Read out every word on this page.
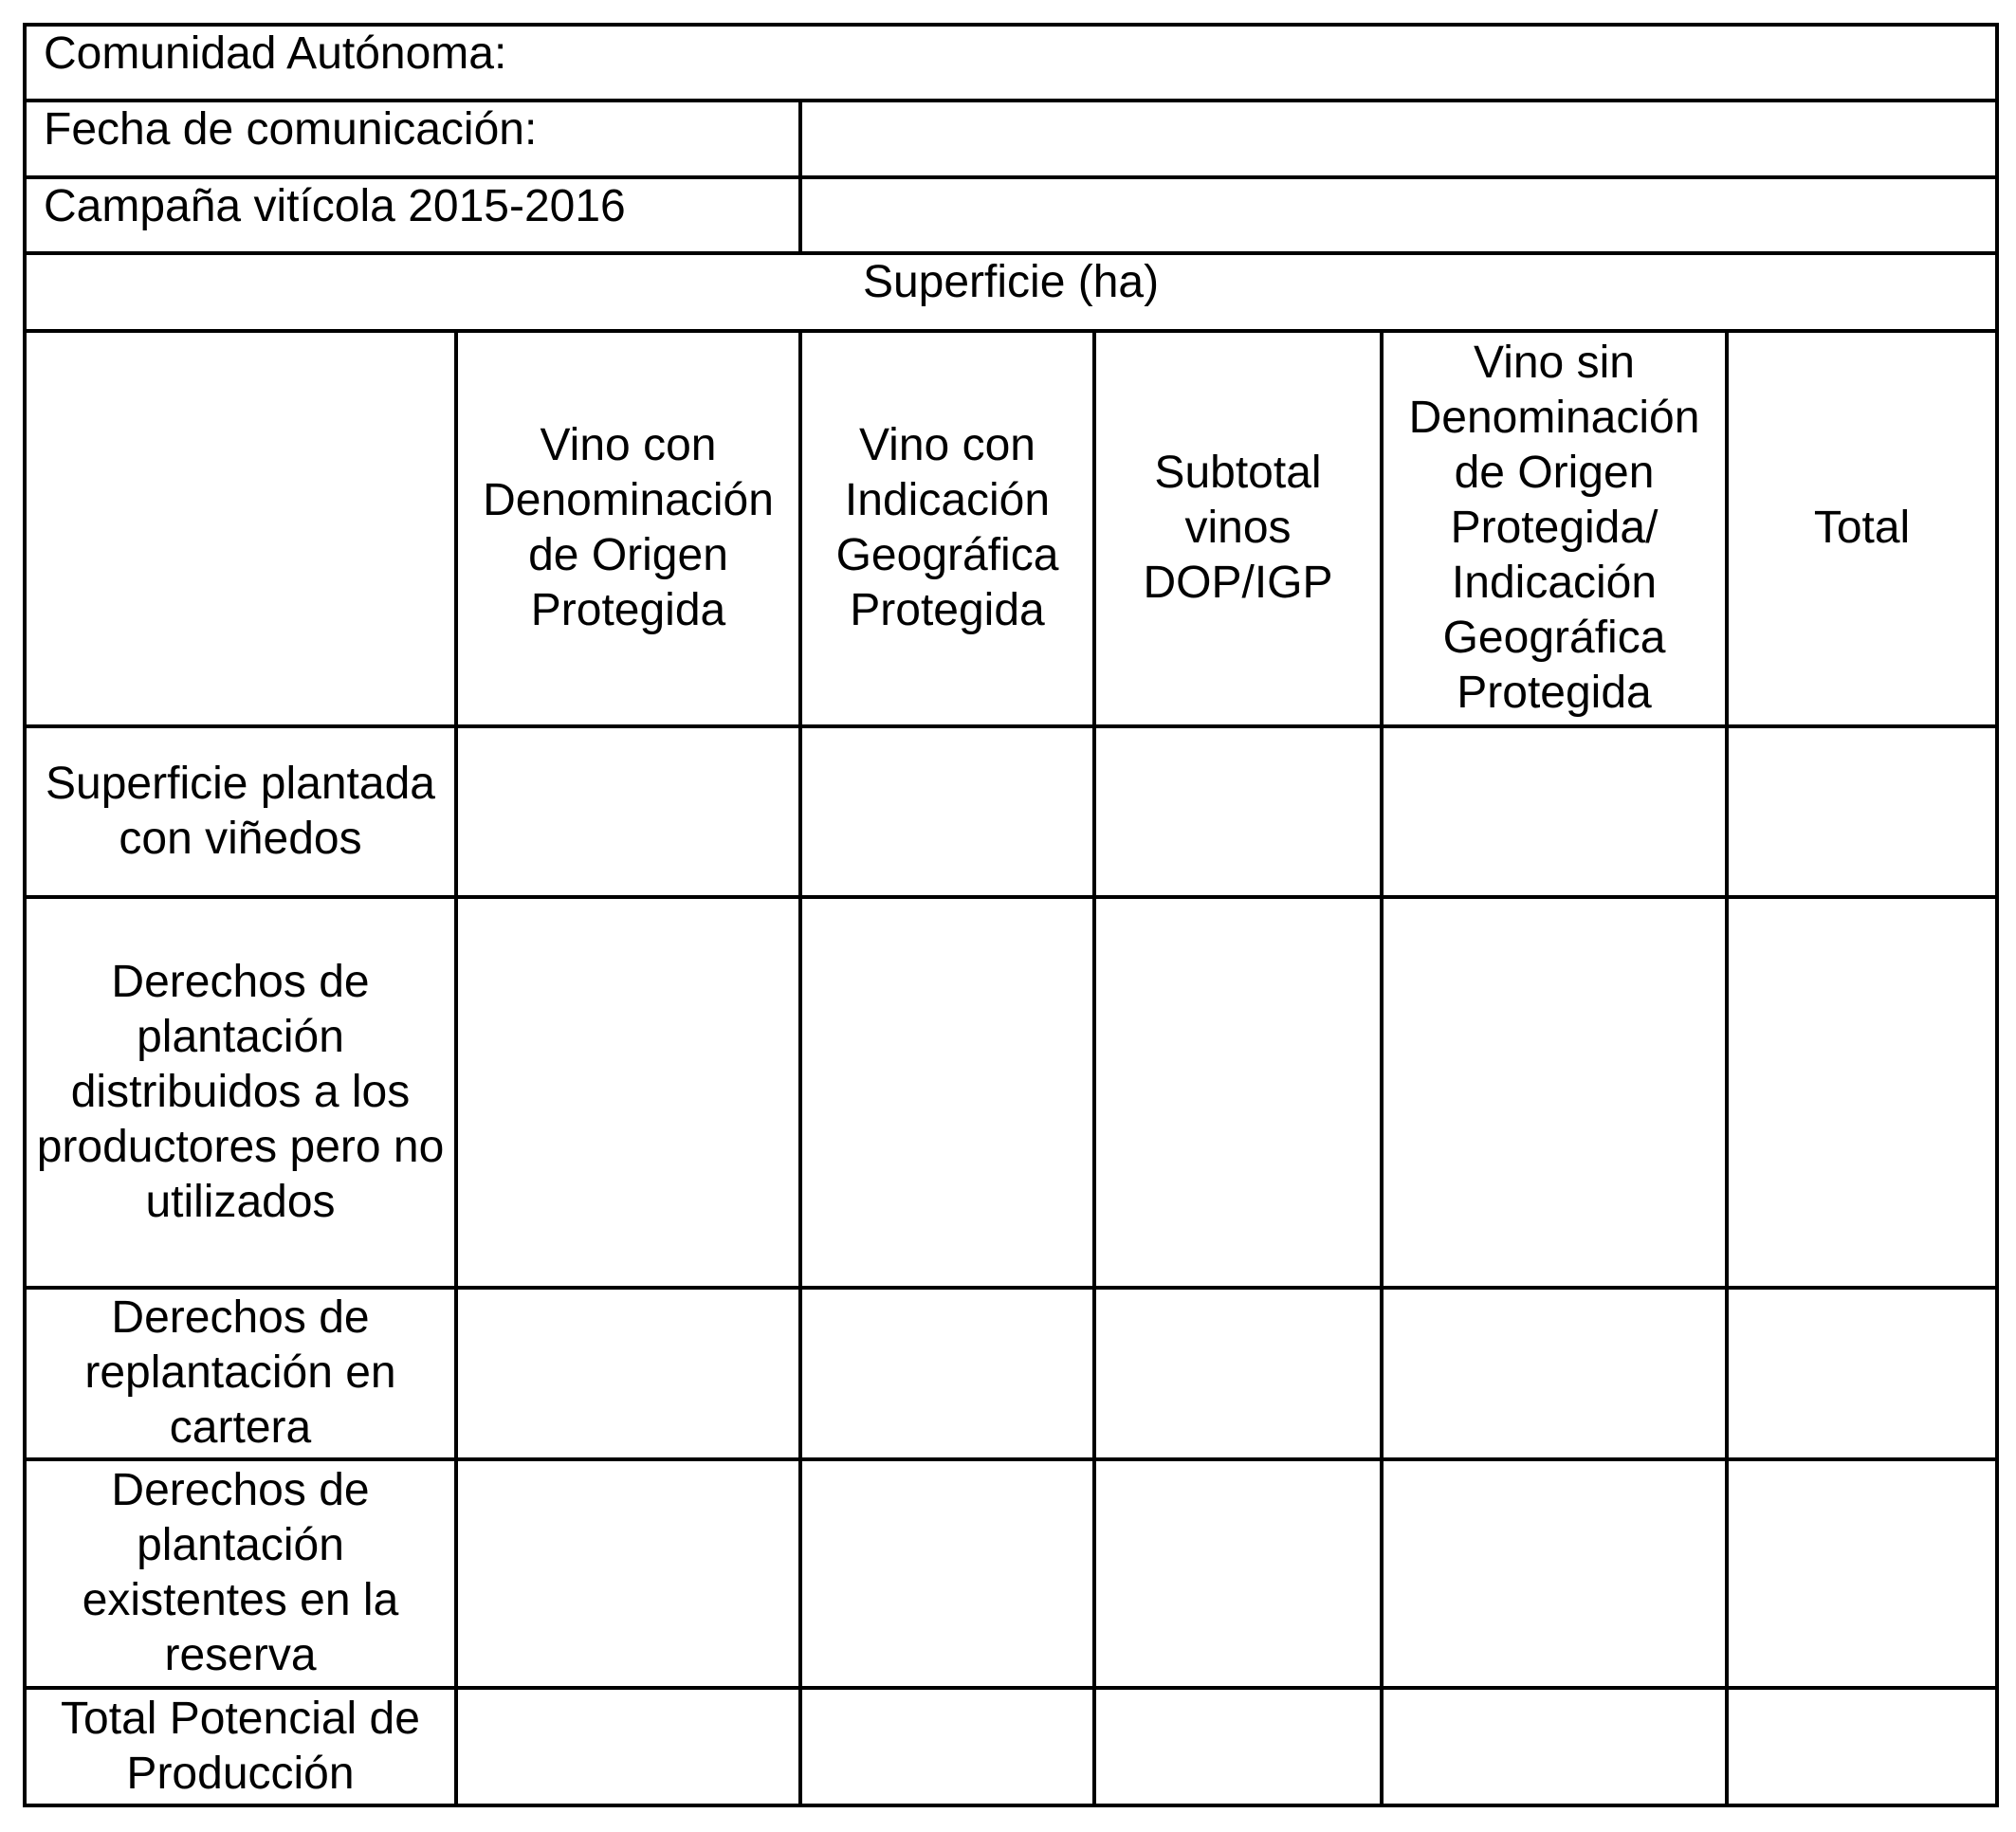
Comunidad Autónoma:					
Fecha de comunicación:					
Campaña vitícola 2015-2016					
Superficie (ha)					
	Vino con Denominación de Origen Protegida	Vino con Indicación Geográfica Protegida	Subtotal vinos DOP/IGP	Vino sin Denominación de Origen Protegida/ Indicación Geográfica Protegida	Total
Superficie plantada con viñedos					
Derechos de plantación distribuidos a los productores pero no utilizados					
Derechos de replantación en cartera					
Derechos de plantación existentes en la reserva					
Total Potencial de Producción					
